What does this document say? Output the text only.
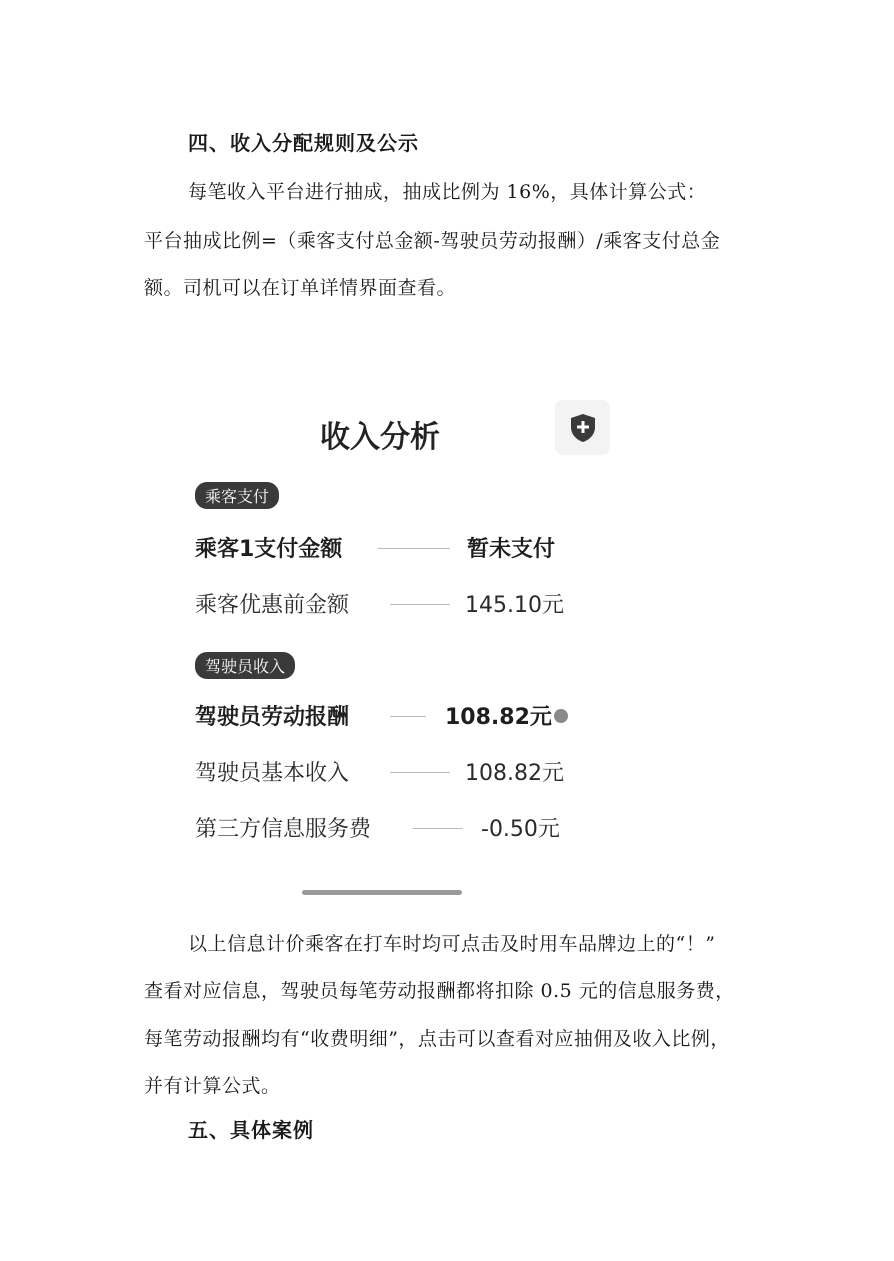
四、收入分配规则及公示
每笔收入平台进行抽成，抽成比例为 16%，具体计算公式：
平台抽成比例=（乘客支付总金额-驾驶员劳动报酬）/乘客支付总金
额。司机可以在订单详情界面查看。
收入分析
乘客支付
乘客1支付金额	暂未支付
乘客优惠前金额	145.10元
驾驶员收入
驾驶员劳动报酬	108.82元
驾驶员基本收入	108.82元
第三方信息服务费	-0.50元
以上信息计价乘客在打车时均可点击及时用车品牌边上的“！”
查看对应信息，驾驶员每笔劳动报酬都将扣除 0.5 元的信息服务费，
每笔劳动报酬均有“收费明细”，点击可以查看对应抽佣及收入比例，
并有计算公式。
五、具体案例
